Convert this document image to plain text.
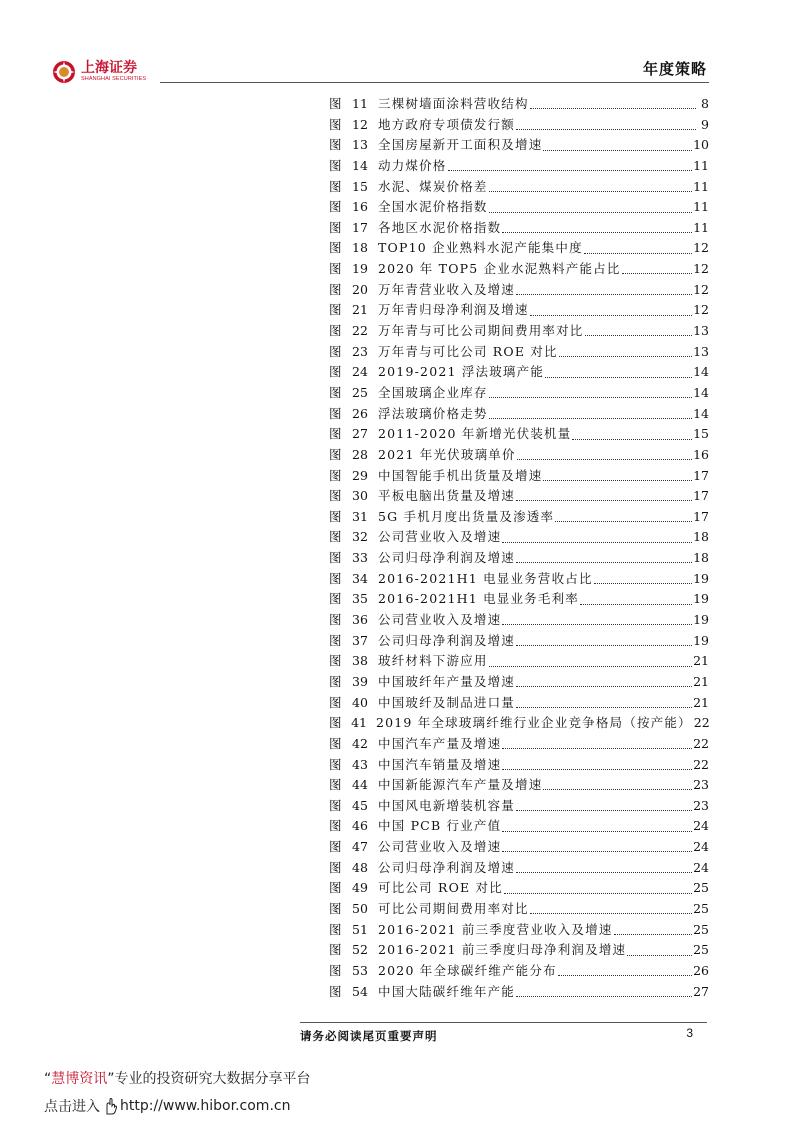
上海证券
SHANGHAI SECURITIES
年度策略
图 11 三棵树墙面涂料营收结构	8
图 12 地方政府专项债发行额	9
图 13 全国房屋新开工面积及增速	10
图 14 动力煤价格	11
图 15 水泥、煤炭价格差	11
图 16 全国水泥价格指数	11
图 17 各地区水泥价格指数	11
图 18 TOP10 企业熟料水泥产能集中度	12
图 19 2020 年 TOP5 企业水泥熟料产能占比	12
图 20 万年青营业收入及增速	12
图 21 万年青归母净利润及增速	12
图 22 万年青与可比公司期间费用率对比	13
图 23 万年青与可比公司 ROE 对比	13
图 24 2019-2021 浮法玻璃产能	14
图 25 全国玻璃企业库存	14
图 26 浮法玻璃价格走势	14
图 27 2011-2020 年新增光伏装机量	15
图 28 2021 年光伏玻璃单价	16
图 29 中国智能手机出货量及增速	17
图 30 平板电脑出货量及增速	17
图 31 5G 手机月度出货量及渗透率	17
图 32 公司营业收入及增速	18
图 33 公司归母净利润及增速	18
图 34 2016-2021H1 电显业务营收占比	19
图 35 2016-2021H1 电显业务毛利率	19
图 36 公司营业收入及增速	19
图 37 公司归母净利润及增速	19
图 38 玻纤材料下游应用	21
图 39 中国玻纤年产量及增速	21
图 40 中国玻纤及制品进口量	21
图 41 2019 年全球玻璃纤维行业企业竞争格局（按产能） 22
图 42 中国汽车产量及增速	22
图 43 中国汽车销量及增速	22
图 44 中国新能源汽车产量及增速	23
图 45 中国风电新增装机容量	23
图 46 中国 PCB 行业产值	24
图 47 公司营业收入及增速	24
图 48 公司归母净利润及增速	24
图 49 可比公司 ROE 对比	25
图 50 可比公司期间费用率对比	25
图 51 2016-2021 前三季度营业收入及增速	25
图 52 2016-2021 前三季度归母净利润及增速	25
图 53 2020 年全球碳纤维产能分布	26
图 54 中国大陆碳纤维年产能	27
请务必阅读尾页重要声明	3
“慧博资讯”专业的投资研究大数据分享平台
点击进入 http://www.hibor.com.cn
